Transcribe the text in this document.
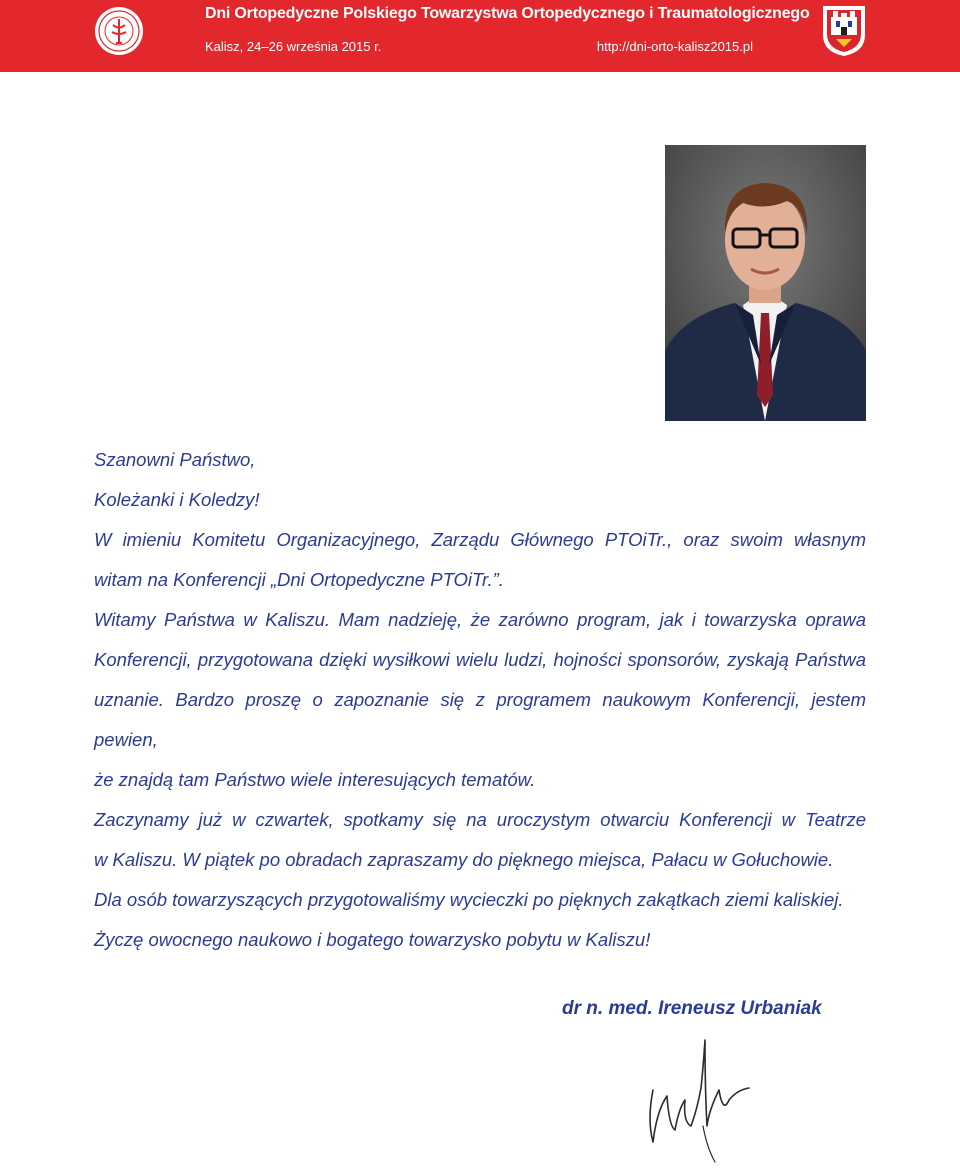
Dni Ortopedyczne Polskiego Towarzystwa Ortopedycznego i Traumatologicznego
Kalisz, 24–26 września 2015 r.	http://dni-orto-kalisz2015.pl

Szanowni Państwo,

Koleżanki i Koledzy!

W imieniu Komitetu Organizacyjnego, Zarządu Głównego PTOiTr., oraz swoim własnym

witam na Konferencji „Dni Ortopedyczne PTOiTr.”.

Witamy Państwa w Kaliszu. Mam nadzieję, że zarówno program, jak i towarzyska oprawa

Konferencji, przygotowana dzięki wysiłkowi wielu ludzi, hojności sponsorów, zyskają Państwa

uznanie. Bardzo proszę o zapoznanie się z programem naukowym Konferencji, jestem pewien,

że znajdą tam Państwo wiele interesujących tematów.

Zaczynamy już w czwartek, spotkamy się na uroczystym otwarciu Konferencji w Teatrze

w Kaliszu. W piątek po obradach zapraszamy do pięknego miejsca, Pałacu w Gołuchowie.

Dla osób towarzyszących przygotowaliśmy wycieczki po pięknych zakątkach ziemi kaliskiej.

Życzę owocnego naukowo i bogatego towarzysko pobytu w Kaliszu!

dr n. med. Ireneusz Urbaniak
